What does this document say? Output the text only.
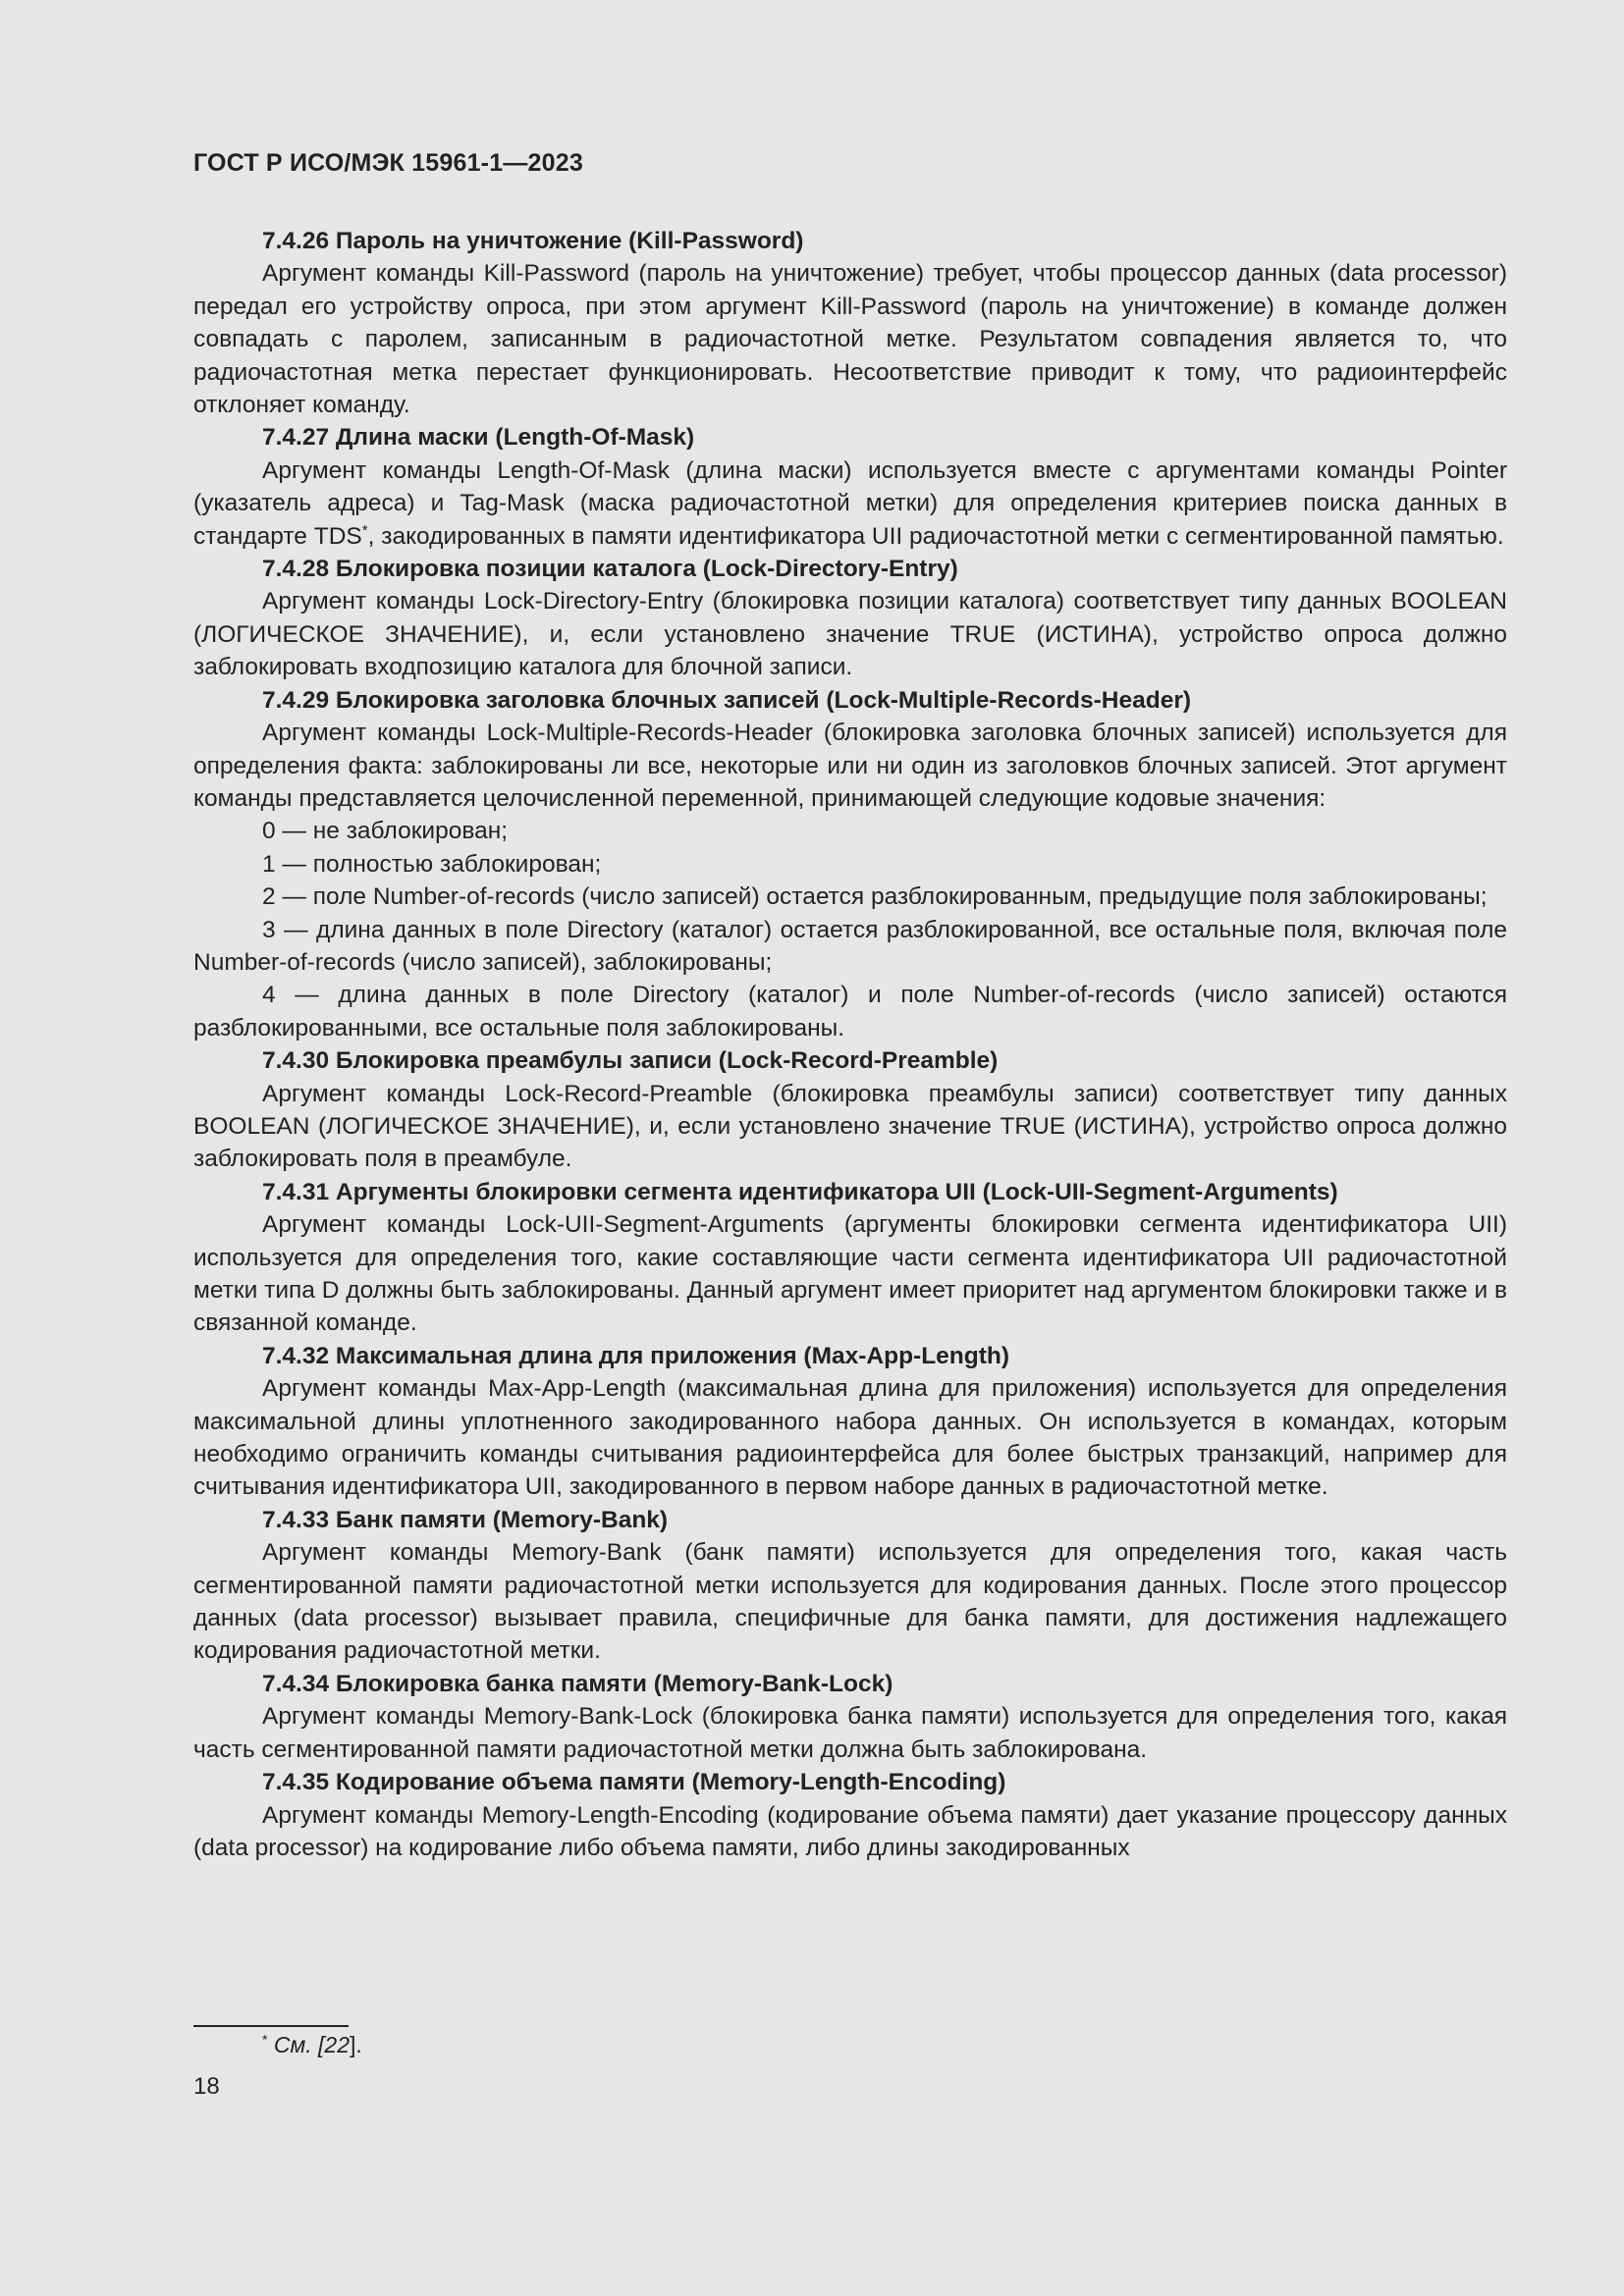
ГОСТ Р ИСО/МЭК 15961-1—2023

7.4.26 Пароль на уничтожение (Kill-Password)

Аргумент команды Kill-Password (пароль на уничтожение) требует, чтобы процессор данных (data processor) передал его устройству опроса, при этом аргумент Kill-Password (пароль на уничтожение) в команде должен совпадать с паролем, записанным в радиочастотной метке. Результатом совпадения является то, что радиочастотная метка перестает функционировать. Несоответствие приводит к тому, что радиоинтерфейс отклоняет команду.

7.4.27 Длина маски (Length-Of-Mask)

Аргумент команды Length-Of-Mask (длина маски) используется вместе с аргументами команды Pointer (указатель адреса) и Tag-Mask (маска радиочастотной метки) для определения критериев поиска данных в стандарте TDS*, закодированных в памяти идентификатора UII радиочастотной метки с сегментированной памятью.

7.4.28 Блокировка позиции каталога (Lock-Directory-Entry)

Аргумент команды Lock-Directory-Entry (блокировка позиции каталога) соответствует типу данных BOOLEAN (ЛОГИЧЕСКОЕ ЗНАЧЕНИЕ), и, если установлено значение TRUE (ИСТИНА), устройство опроса должно заблокировать входпозицию каталога для блочной записи.

7.4.29 Блокировка заголовка блочных записей (Lock-Multiple-Records-Header)

Аргумент команды Lock-Multiple-Records-Header (блокировка заголовка блочных записей) используется для определения факта: заблокированы ли все, некоторые или ни один из заголовков блочных записей. Этот аргумент команды представляется целочисленной переменной, принимающей следующие кодовые значения:

0 — не заблокирован;

1 — полностью заблокирован;

2 — поле Number-of-records (число записей) остается разблокированным, предыдущие поля заблокированы;

3 — длина данных в поле Directory (каталог) остается разблокированной, все остальные поля, включая поле Number-of-records (число записей), заблокированы;

4 — длина данных в поле Directory (каталог) и поле Number-of-records (число записей) остаются разблокированными, все остальные поля заблокированы.

7.4.30 Блокировка преамбулы записи (Lock-Record-Preamble)

Аргумент команды Lock-Record-Preamble (блокировка преамбулы записи) соответствует типу данных BOOLEAN (ЛОГИЧЕСКОЕ ЗНАЧЕНИЕ), и, если установлено значение TRUE (ИСТИНА), устройство опроса должно заблокировать поля в преамбуле.

7.4.31 Аргументы блокировки сегмента идентификатора UII (Lock-UII-Segment-Arguments)

Аргумент команды Lock-UII-Segment-Arguments (аргументы блокировки сегмента идентификатора UII) используется для определения того, какие составляющие части сегмента идентификатора UII радиочастотной метки типа D должны быть заблокированы. Данный аргумент имеет приоритет над аргументом блокировки также и в связанной команде.

7.4.32 Максимальная длина для приложения (Max-App-Length)

Аргумент команды Max-App-Length (максимальная длина для приложения) используется для определения максимальной длины уплотненного закодированного набора данных. Он используется в командах, которым необходимо ограничить команды считывания радиоинтерфейса для более быстрых транзакций, например для считывания идентификатора UII, закодированного в первом наборе данных в радиочастотной метке.

7.4.33 Банк памяти (Memory-Bank)

Аргумент команды Memory-Bank (банк памяти) используется для определения того, какая часть сегментированной памяти радиочастотной метки используется для кодирования данных. После этого процессор данных (data processor) вызывает правила, специфичные для банка памяти, для достижения надлежащего кодирования радиочастотной метки.

7.4.34 Блокировка банка памяти (Memory-Bank-Lock)

Аргумент команды Memory-Bank-Lock (блокировка банка памяти) используется для определения того, какая часть сегментированной памяти радиочастотной метки должна быть заблокирована.

7.4.35 Кодирование объема памяти (Memory-Length-Encoding)

Аргумент команды Memory-Length-Encoding (кодирование объема памяти) дает указание процессору данных (data processor) на кодирование либо объема памяти, либо длины закодированных

* См. [22].
18
